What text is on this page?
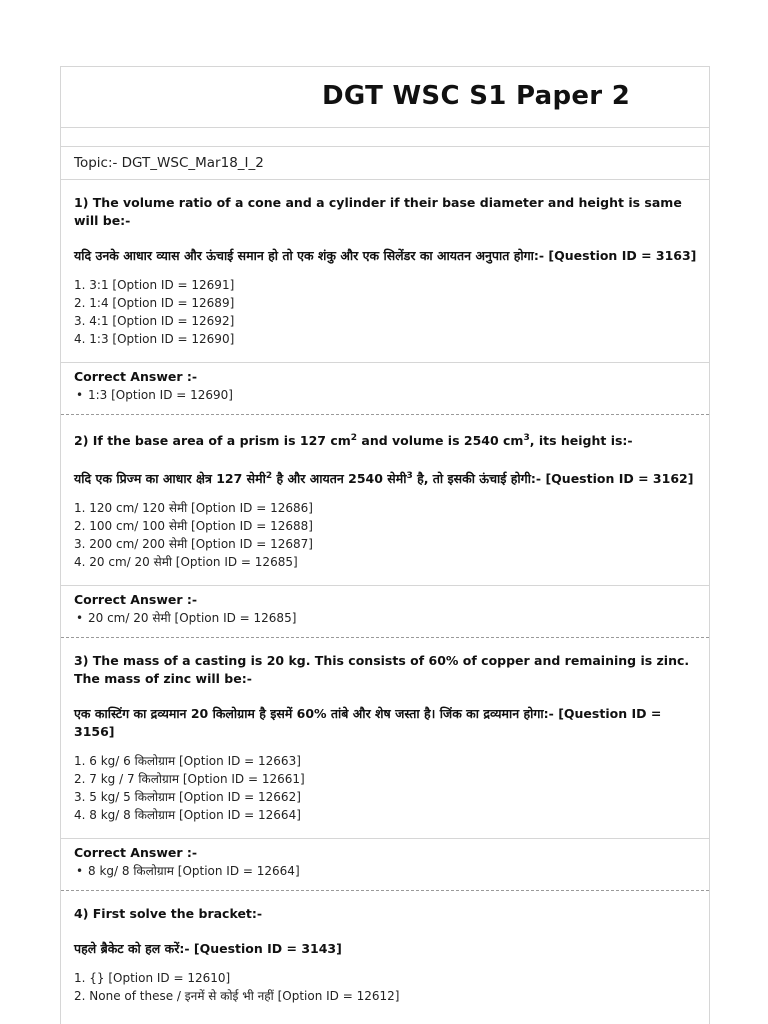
DGT WSC S1 Paper 2
Topic:- DGT_WSC_Mar18_I_2

1) The volume ratio of a cone and a cylinder if their base diameter and height is same will be:-

यदि उनके आधार व्यास और ऊंचाई समान हो तो एक शंकु और एक सिलेंडर का आयतन अनुपात होगा:- [Question ID = 3163]

1. 3:1 [Option ID = 12691]
2. 1:4 [Option ID = 12689]
3. 4:1 [Option ID = 12692]
4. 1:3 [Option ID = 12690]

Correct Answer :-

• 1:3 [Option ID = 12690]

2) If the base area of a prism is 127 $cm^2$ and volume is 2540 $cm^3$, its height is:-

यदि एक प्रिज्म का आधार क्षेत्र 127 सेमी$^2$ है और आयतन 2540 सेमी$^3$ है, तो इसकी ऊंचाई होगी:- [Question ID = 3162]

1. 120 cm/ 120 सेमी [Option ID = 12686]
2. 100 cm/ 100 सेमी [Option ID = 12688]
3. 200 cm/ 200 सेमी [Option ID = 12687]
4. 20 cm/ 20 सेमी [Option ID = 12685]

Correct Answer :-

• 20 cm/ 20 सेमी [Option ID = 12685]

3) The mass of a casting is 20 kg. This consists of 60% of copper and remaining is zinc. The mass of zinc will be:-

एक कास्टिंग का द्रव्यमान 20 किलोग्राम है इसमें 60% तांबे और शेष जस्ता है। जिंक का द्रव्यमान होगा:- [Question ID = 3156]

1. 6 kg/ 6 किलोग्राम [Option ID = 12663]
2. 7 kg / 7 किलोग्राम [Option ID = 12661]
3. 5 kg/ 5 किलोग्राम [Option ID = 12662]
4. 8 kg/ 8 किलोग्राम [Option ID = 12664]

Correct Answer :-

• 8 kg/ 8 किलोग्राम [Option ID = 12664]

4) First solve the bracket:-

पहले ब्रैकेट को हल करें:- [Question ID = 3143]

1. {} [Option ID = 12610]
2. None of these / इनमें से कोई भी नहीं [Option ID = 12612]
